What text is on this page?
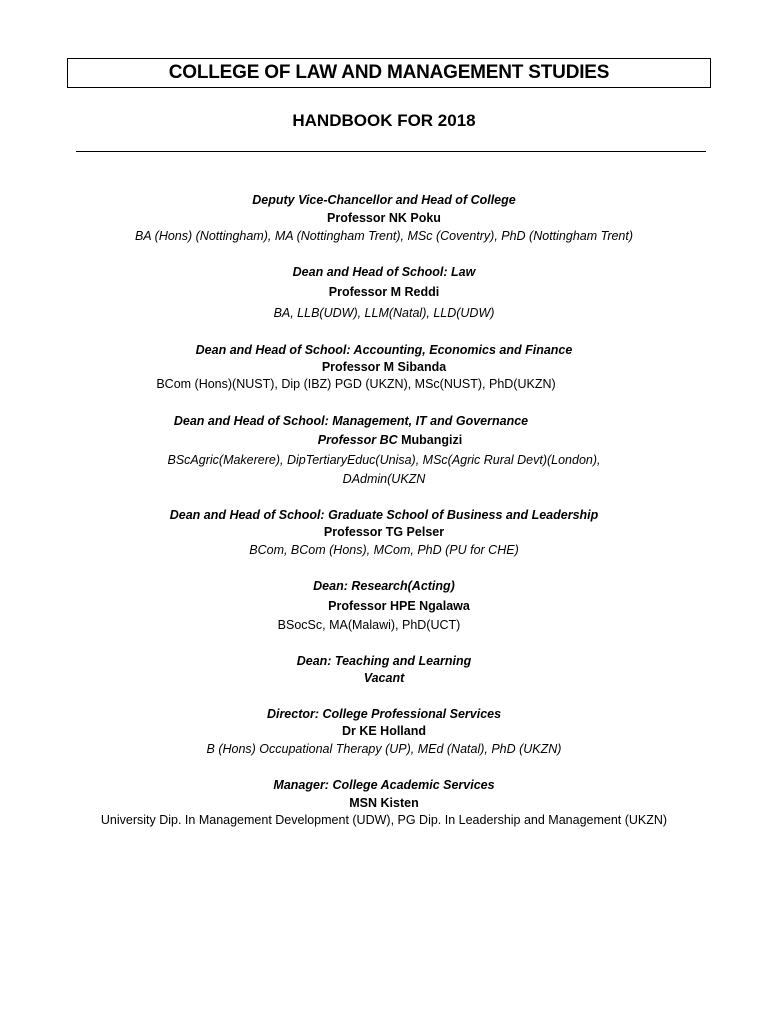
COLLEGE OF LAW AND MANAGEMENT STUDIES
HANDBOOK FOR 2018
Deputy Vice-Chancellor and Head of College
Professor NK Poku
BA (Hons) (Nottingham), MA (Nottingham Trent), MSc (Coventry), PhD (Nottingham Trent)
Dean and Head of School: Law
Professor M Reddi
BA, LLB(UDW), LLM(Natal), LLD(UDW)
Dean and Head of School: Accounting, Economics and Finance
Professor M Sibanda
BCom (Hons)(NUST), Dip (IBZ) PGD (UKZN), MSc(NUST), PhD(UKZN)
Dean and Head of School: Management, IT and Governance
Professor BC Mubangizi
BScAgric(Makerere), DipTertiaryEduc(Unisa), MSc(Agric Rural Devt)(London),
DAdmin(UKZN
Dean and Head of School: Graduate School of Business and Leadership
Professor TG Pelser
BCom, BCom (Hons), MCom, PhD (PU for CHE)
Dean: Research(Acting)
Professor HPE Ngalawa
BSocSc, MA(Malawi), PhD(UCT)
Dean: Teaching and Learning
Vacant
Director: College Professional Services
Dr KE Holland
B (Hons) Occupational Therapy (UP), MEd (Natal), PhD (UKZN)
Manager: College Academic Services
MSN Kisten
University Dip. In Management Development (UDW), PG Dip. In Leadership and Management (UKZN)
